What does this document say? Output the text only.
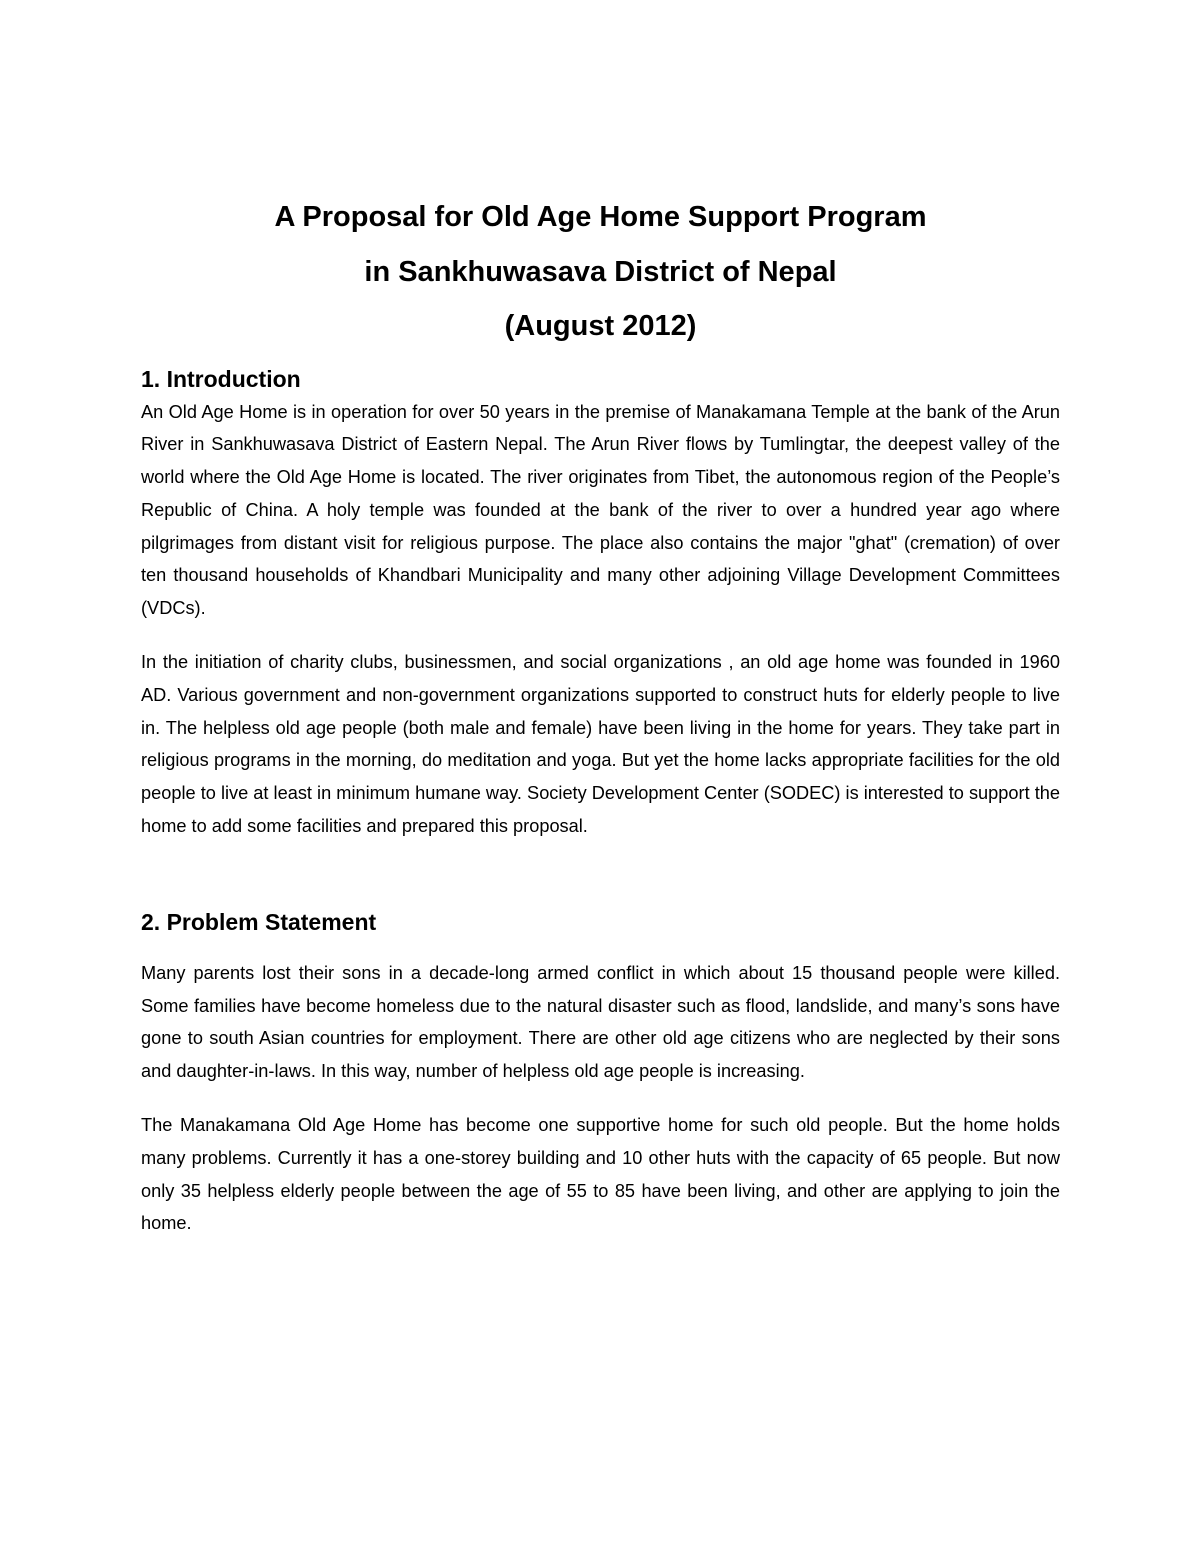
A Proposal for Old Age Home Support Program
in Sankhuwasava District of Nepal
(August 2012)
1. Introduction

An Old Age Home is in operation for over 50 years in the premise of Manakamana Temple at the bank of the Arun River in Sankhuwasava District of Eastern Nepal. The Arun River flows by Tumlingtar, the deepest valley of the world where the Old Age Home is located. The river originates from Tibet, the autonomous region of the People’s Republic of China. A holy temple was founded at the bank of the river to over a hundred year ago where pilgrimages from distant visit for religious purpose. The place also contains the major "ghat" (cremation) of over ten thousand households of Khandbari Municipality and many other adjoining Village Development Committees (VDCs).

In the initiation of charity clubs, businessmen, and social organizations , an old age home was founded in 1960 AD. Various government and non-government organizations supported to construct huts for elderly people to live in. The helpless old age people (both male and female) have been living in the home for years. They take part in religious programs in the morning, do meditation and yoga. But yet the home lacks appropriate facilities for the old people to live at least in minimum humane way. Society Development Center (SODEC) is interested to support the home to add some facilities and prepared this proposal.

2. Problem Statement

Many parents lost their sons in a decade-long armed conflict in which about 15 thousand people were killed. Some families have become homeless due to the natural disaster such as flood, landslide, and many’s sons have gone to south Asian countries for employment. There are other old age citizens who are neglected by their sons and daughter-in-laws. In this way, number of helpless old age people is increasing.

The Manakamana Old Age Home has become one supportive home for such old people. But the home holds many problems. Currently it has a one-storey building and 10 other huts with the capacity of 65 people. But now only 35 helpless elderly people between the age of 55 to 85 have been living, and other are applying to join the home.
